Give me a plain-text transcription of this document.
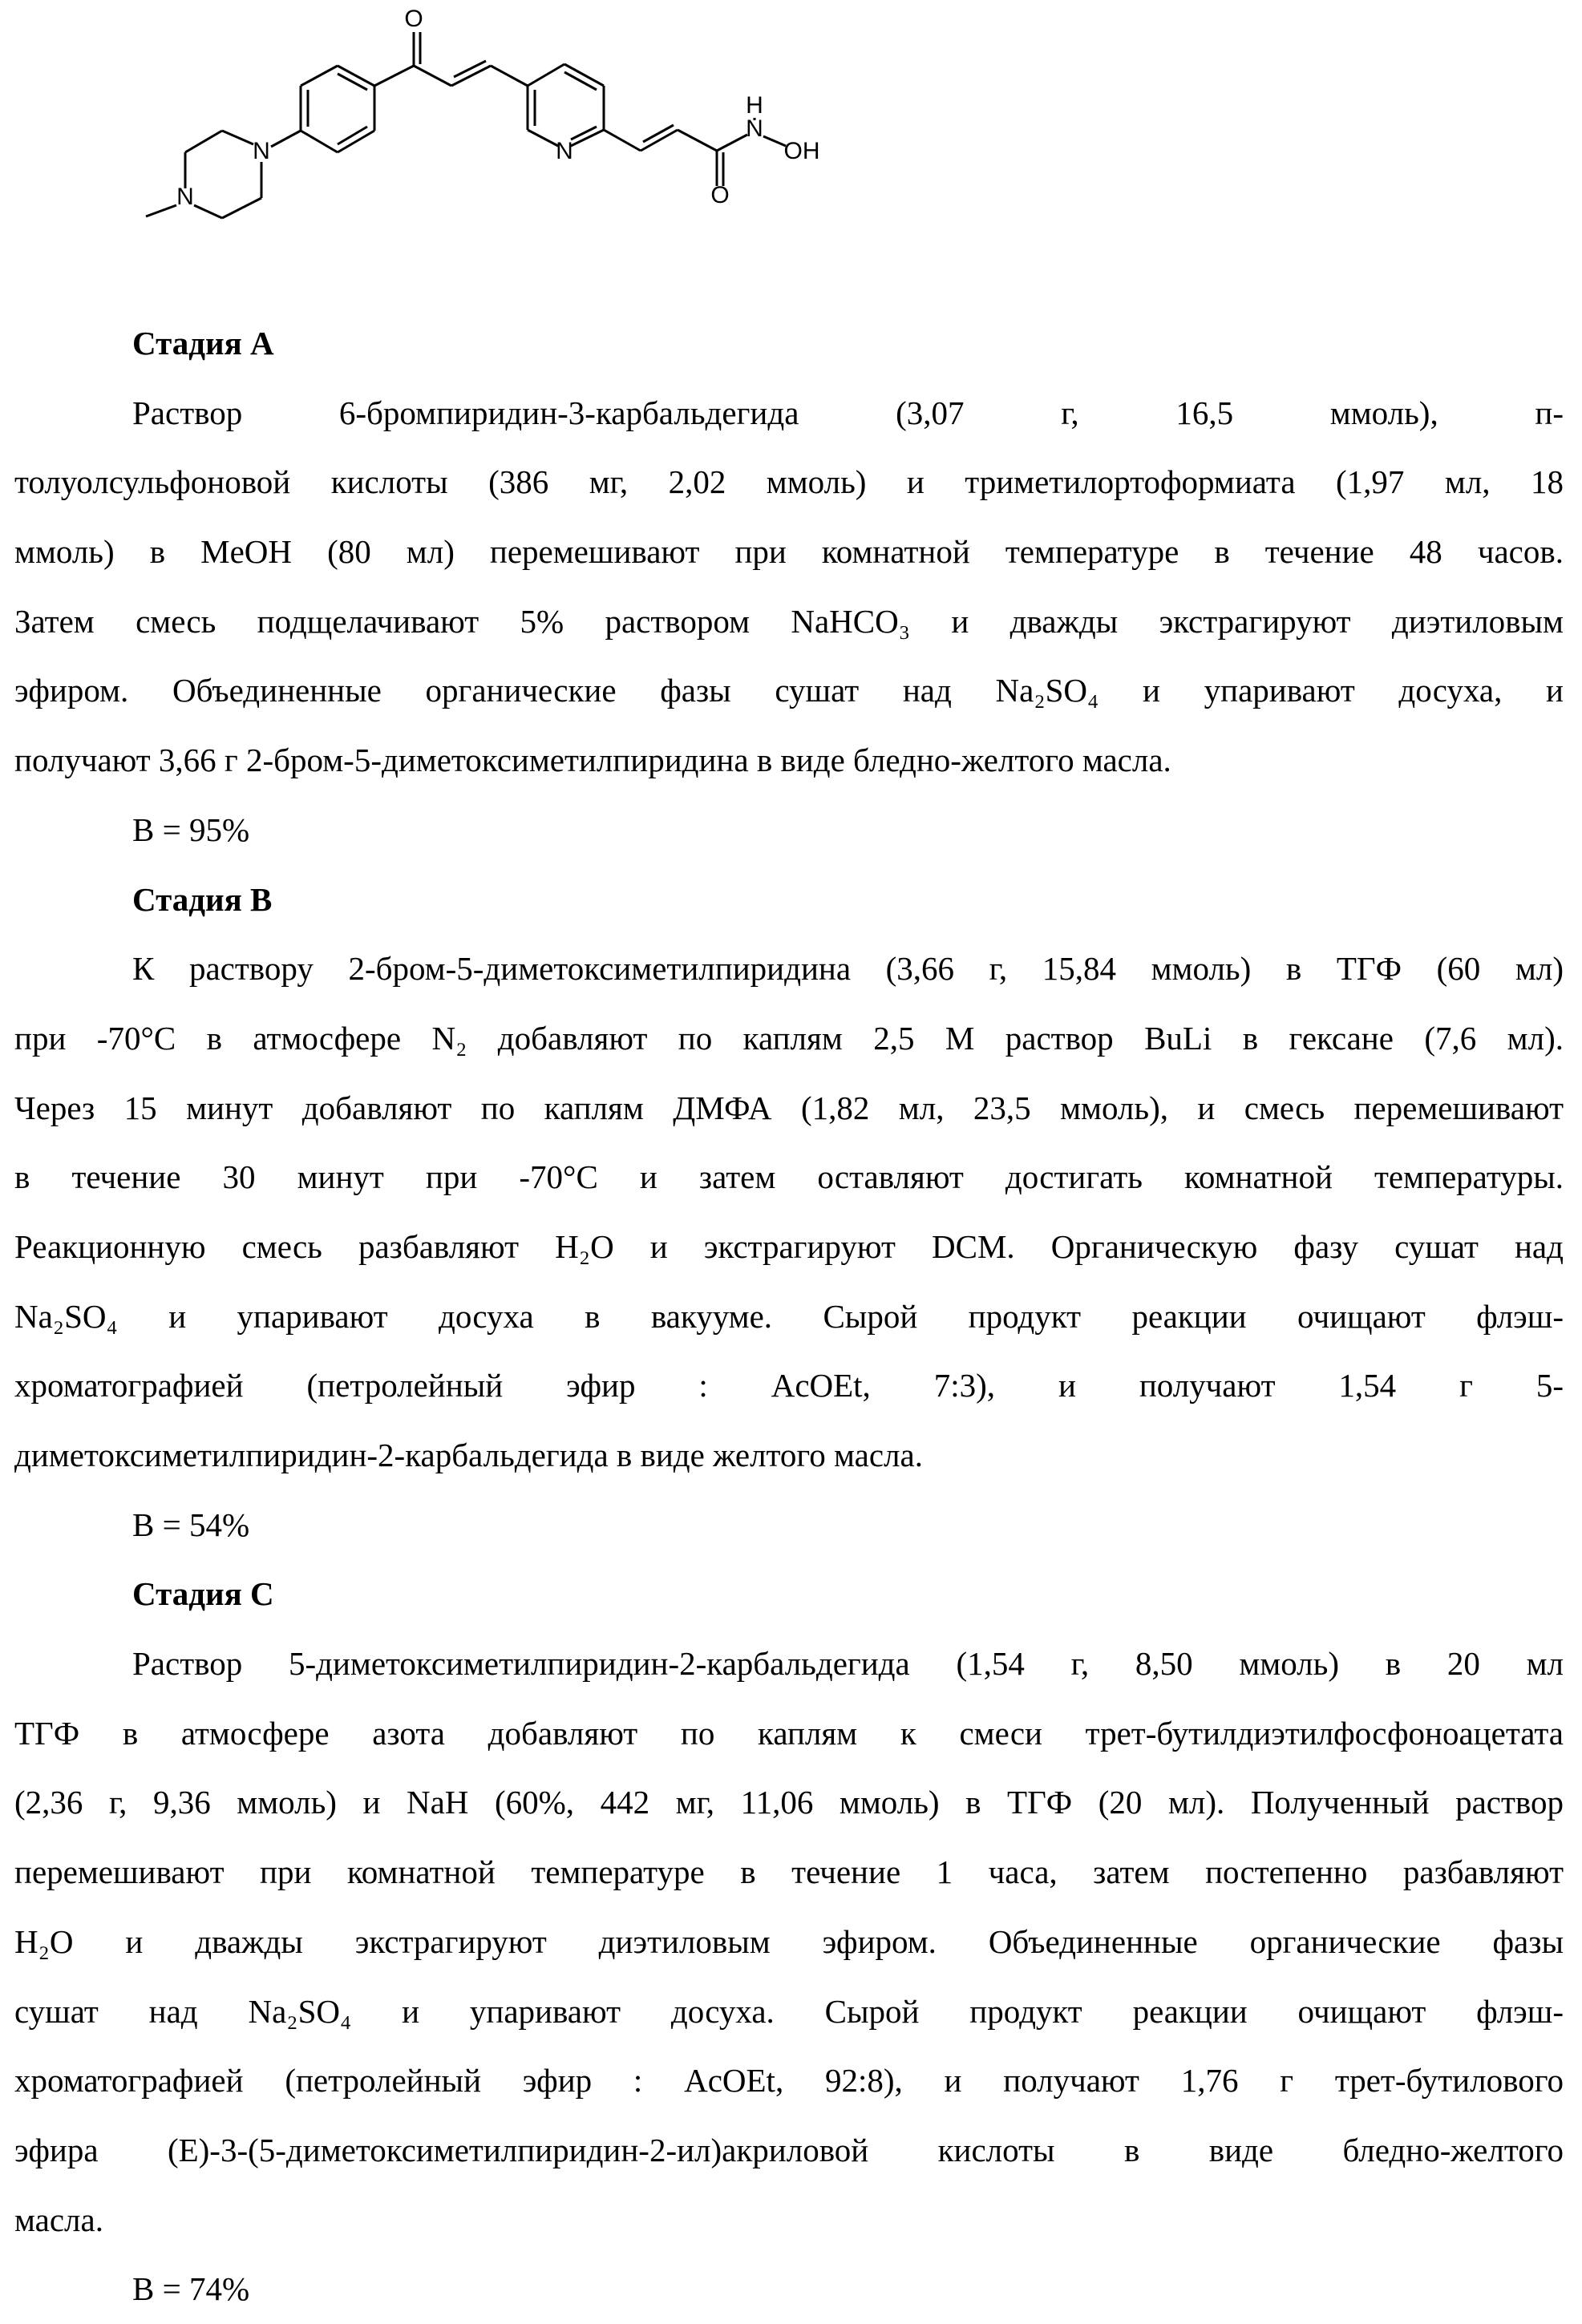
O
N
N
N
H
N
OH
O
Стадия A
Раствор 6-бромпиридин-3-карбальдегида (3,07 г, 16,5 ммоль), п-
толуолсульфоновой кислоты (386 мг, 2,02 ммоль) и триметилортоформиата (1,97 мл, 18
ммоль) в MeOH (80 мл) перемешивают при комнатной температуре в течение 48 часов.
Затем смесь подщелачивают 5% раствором NaHCO₃ и дважды экстрагируют диэтиловым
эфиром. Объединенные органические фазы сушат над Na₂SO₄ и упаривают досуха, и
получают 3,66 г 2-бром-5-диметоксиметилпиридина в виде бледно-желтого масла.
В = 95%
Стадия B
К раствору 2-бром-5-диметоксиметилпиридина (3,66 г, 15,84 ммоль) в ТГФ (60 мл)
при -70°C в атмосфере N₂ добавляют по каплям 2,5 М раствор BuLi в гексане (7,6 мл).
Через 15 минут добавляют по каплям ДМФА (1,82 мл, 23,5 ммоль), и смесь перемешивают
в течение 30 минут при -70°C и затем оставляют достигать комнатной температуры.
Реакционную смесь разбавляют H₂O и экстрагируют DCM. Органическую фазу сушат над
Na₂SO₄ и упаривают досуха в вакууме. Сырой продукт реакции очищают флэш-
хроматографией (петролейный эфир : AcOEt, 7:3), и получают 1,54 г 5-
диметоксиметилпиридин-2-карбальдегида в виде желтого масла.
В = 54%
Стадия C
Раствор 5-диметоксиметилпиридин-2-карбальдегида (1,54 г, 8,50 ммоль) в 20 мл
ТГФ в атмосфере азота добавляют по каплям к смеси трет-бутилдиэтилфосфоноацетата
(2,36 г, 9,36 ммоль) и NaH (60%, 442 мг, 11,06 ммоль) в ТГФ (20 мл). Полученный раствор
перемешивают при комнатной температуре в течение 1 часа, затем постепенно разбавляют
H₂O и дважды экстрагируют диэтиловым эфиром. Объединенные органические фазы
сушат над Na₂SO₄ и упаривают досуха. Сырой продукт реакции очищают флэш-
хроматографией (петролейный эфир : AcOEt, 92:8), и получают 1,76 г трет-бутилового
эфира (E)-3-(5-диметоксиметилпиридин-2-ил)акриловой кислоты в виде бледно-желтого
масла.
В = 74%
